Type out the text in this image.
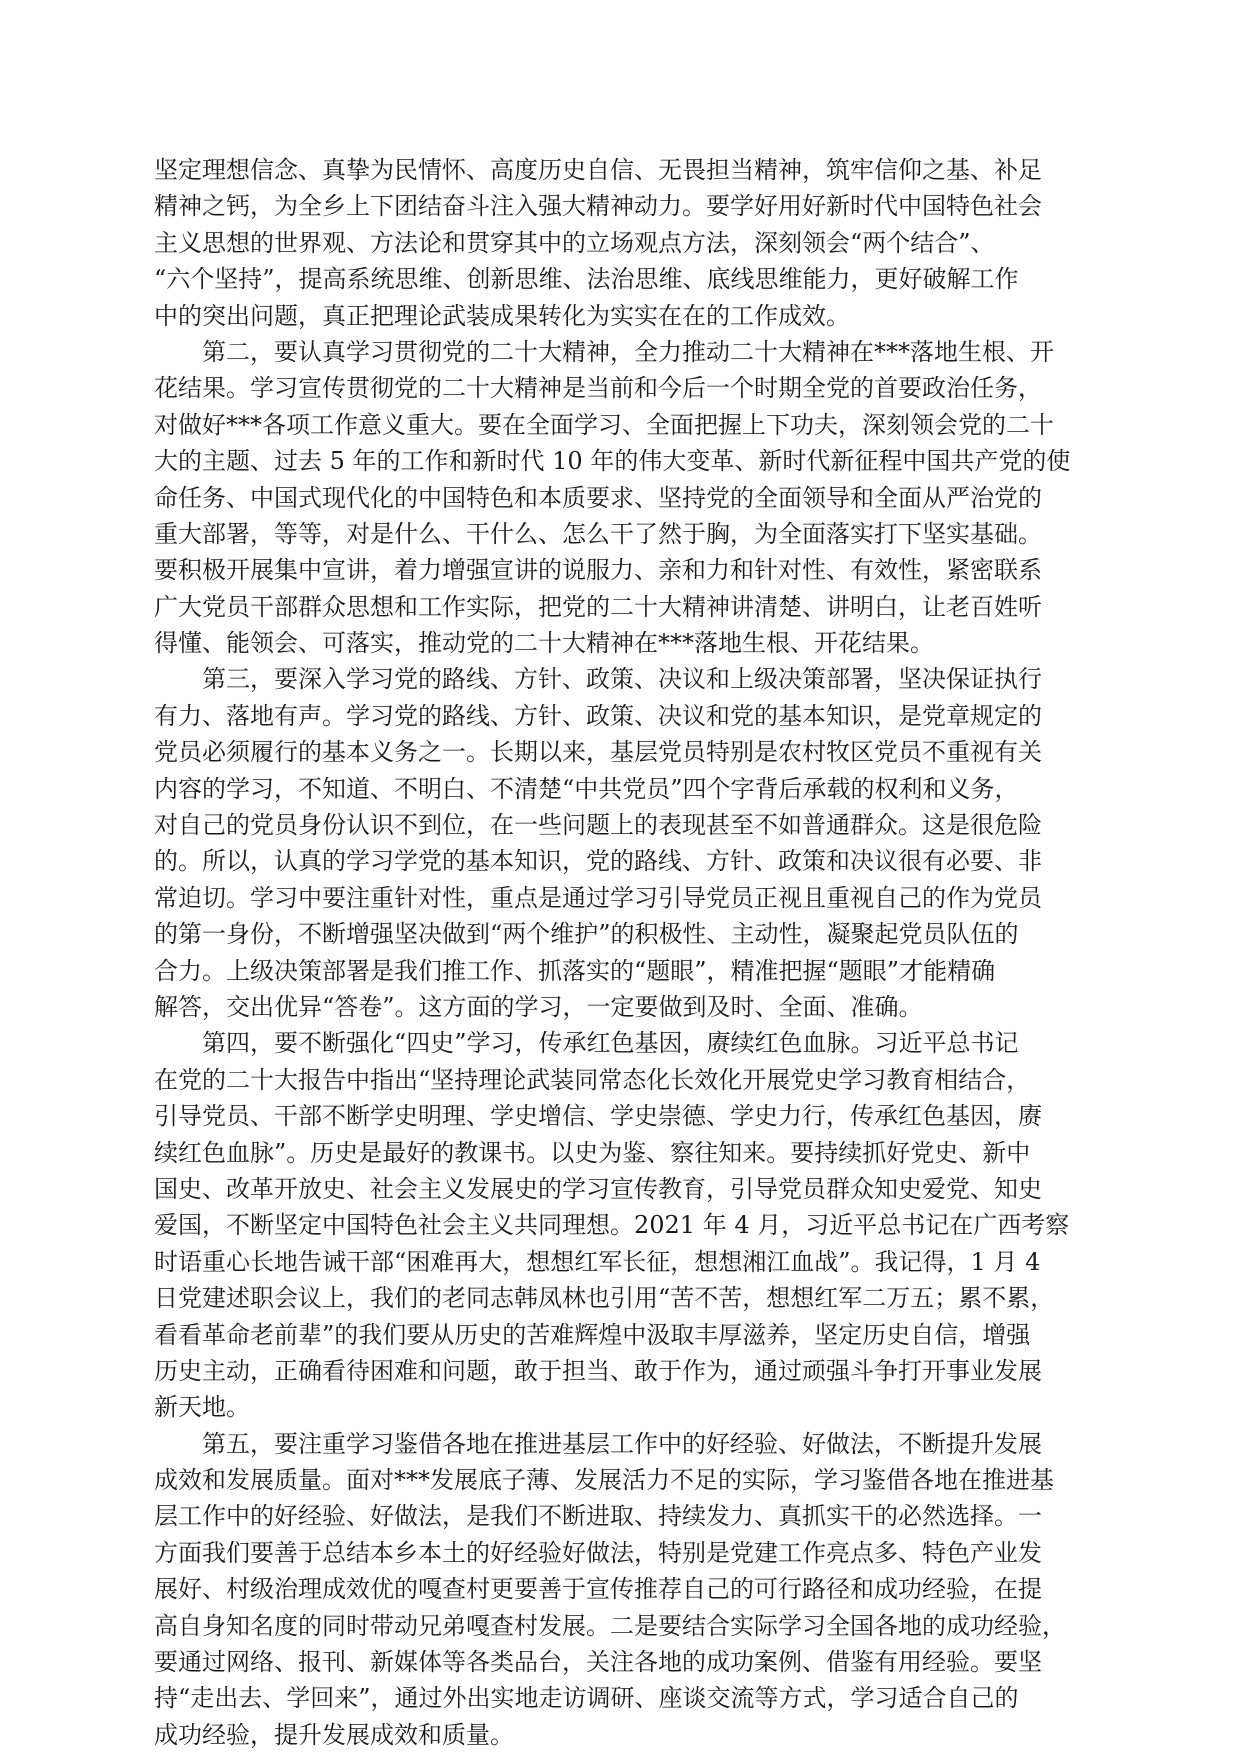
坚定理想信念、真挚为民情怀、高度历史自信、无畏担当精神，筑牢信仰之基、补足

精神之钙，为全乡上下团结奋斗注入强大精神动力。要学好用好新时代中国特色社会

主义思想的世界观、方法论和贯穿其中的立场观点方法，深刻领会“两个结合”、

“六个坚持”，提高系统思维、创新思维、法治思维、底线思维能力，更好破解工作

中的突出问题，真正把理论武装成果转化为实实在在的工作成效。

第二，要认真学习贯彻党的二十大精神，全力推动二十大精神在***落地生根、开

花结果。学习宣传贯彻党的二十大精神是当前和今后一个时期全党的首要政治任务，

对做好***各项工作意义重大。要在全面学习、全面把握上下功夫，深刻领会党的二十

大的主题、过去 5 年的工作和新时代 10 年的伟大变革、新时代新征程中国共产党的使

命任务、中国式现代化的中国特色和本质要求、坚持党的全面领导和全面从严治党的

重大部署，等等，对是什么、干什么、怎么干了然于胸，为全面落实打下坚实基础。

要积极开展集中宣讲，着力增强宣讲的说服力、亲和力和针对性、有效性，紧密联系

广大党员干部群众思想和工作实际，把党的二十大精神讲清楚、讲明白，让老百姓听

得懂、能领会、可落实，推动党的二十大精神在***落地生根、开花结果。

第三，要深入学习党的路线、方针、政策、决议和上级决策部署，坚决保证执行

有力、落地有声。学习党的路线、方针、政策、决议和党的基本知识，是党章规定的

党员必须履行的基本义务之一。长期以来，基层党员特别是农村牧区党员不重视有关

内容的学习，不知道、不明白、不清楚“中共党员”四个字背后承载的权利和义务，

对自己的党员身份认识不到位，在一些问题上的表现甚至不如普通群众。这是很危险

的。所以，认真的学习学党的基本知识，党的路线、方针、政策和决议很有必要、非

常迫切。学习中要注重针对性，重点是通过学习引导党员正视且重视自己的作为党员

的第一身份，不断增强坚决做到“两个维护”的积极性、主动性，凝聚起党员队伍的

合力。上级决策部署是我们推工作、抓落实的“题眼”，精准把握“题眼”才能精确

解答，交出优异“答卷”。这方面的学习，一定要做到及时、全面、准确。

第四，要不断强化“四史”学习，传承红色基因，赓续红色血脉。习近平总书记

在党的二十大报告中指出“坚持理论武装同常态化长效化开展党史学习教育相结合，

引导党员、干部不断学史明理、学史增信、学史崇德、学史力行，传承红色基因，赓

续红色血脉”。历史是最好的教课书。以史为鉴、察往知来。要持续抓好党史、新中

国史、改革开放史、社会主义发展史的学习宣传教育，引导党员群众知史爱党、知史

爱国，不断坚定中国特色社会主义共同理想。2021 年 4 月，习近平总书记在广西考察

时语重心长地告诫干部“困难再大，想想红军长征，想想湘江血战”。我记得，1 月 4

日党建述职会议上，我们的老同志韩凤林也引用“苦不苦，想想红军二万五；累不累，

看看革命老前辈”的我们要从历史的苦难辉煌中汲取丰厚滋养，坚定历史自信，增强

历史主动，正确看待困难和问题，敢于担当、敢于作为，通过顽强斗争打开事业发展

新天地。

第五，要注重学习鉴借各地在推进基层工作中的好经验、好做法，不断提升发展

成效和发展质量。面对***发展底子薄、发展活力不足的实际，学习鉴借各地在推进基

层工作中的好经验、好做法，是我们不断进取、持续发力、真抓实干的必然选择。一

方面我们要善于总结本乡本土的好经验好做法，特别是党建工作亮点多、特色产业发

展好、村级治理成效优的嘎查村更要善于宣传推荐自己的可行路径和成功经验，在提

高自身知名度的同时带动兄弟嘎查村发展。二是要结合实际学习全国各地的成功经验，

要通过网络、报刊、新媒体等各类品台，关注各地的成功案例、借鉴有用经验。要坚

持“走出去、学回来”，通过外出实地走访调研、座谈交流等方式，学习适合自己的

成功经验，提升发展成效和质量。
